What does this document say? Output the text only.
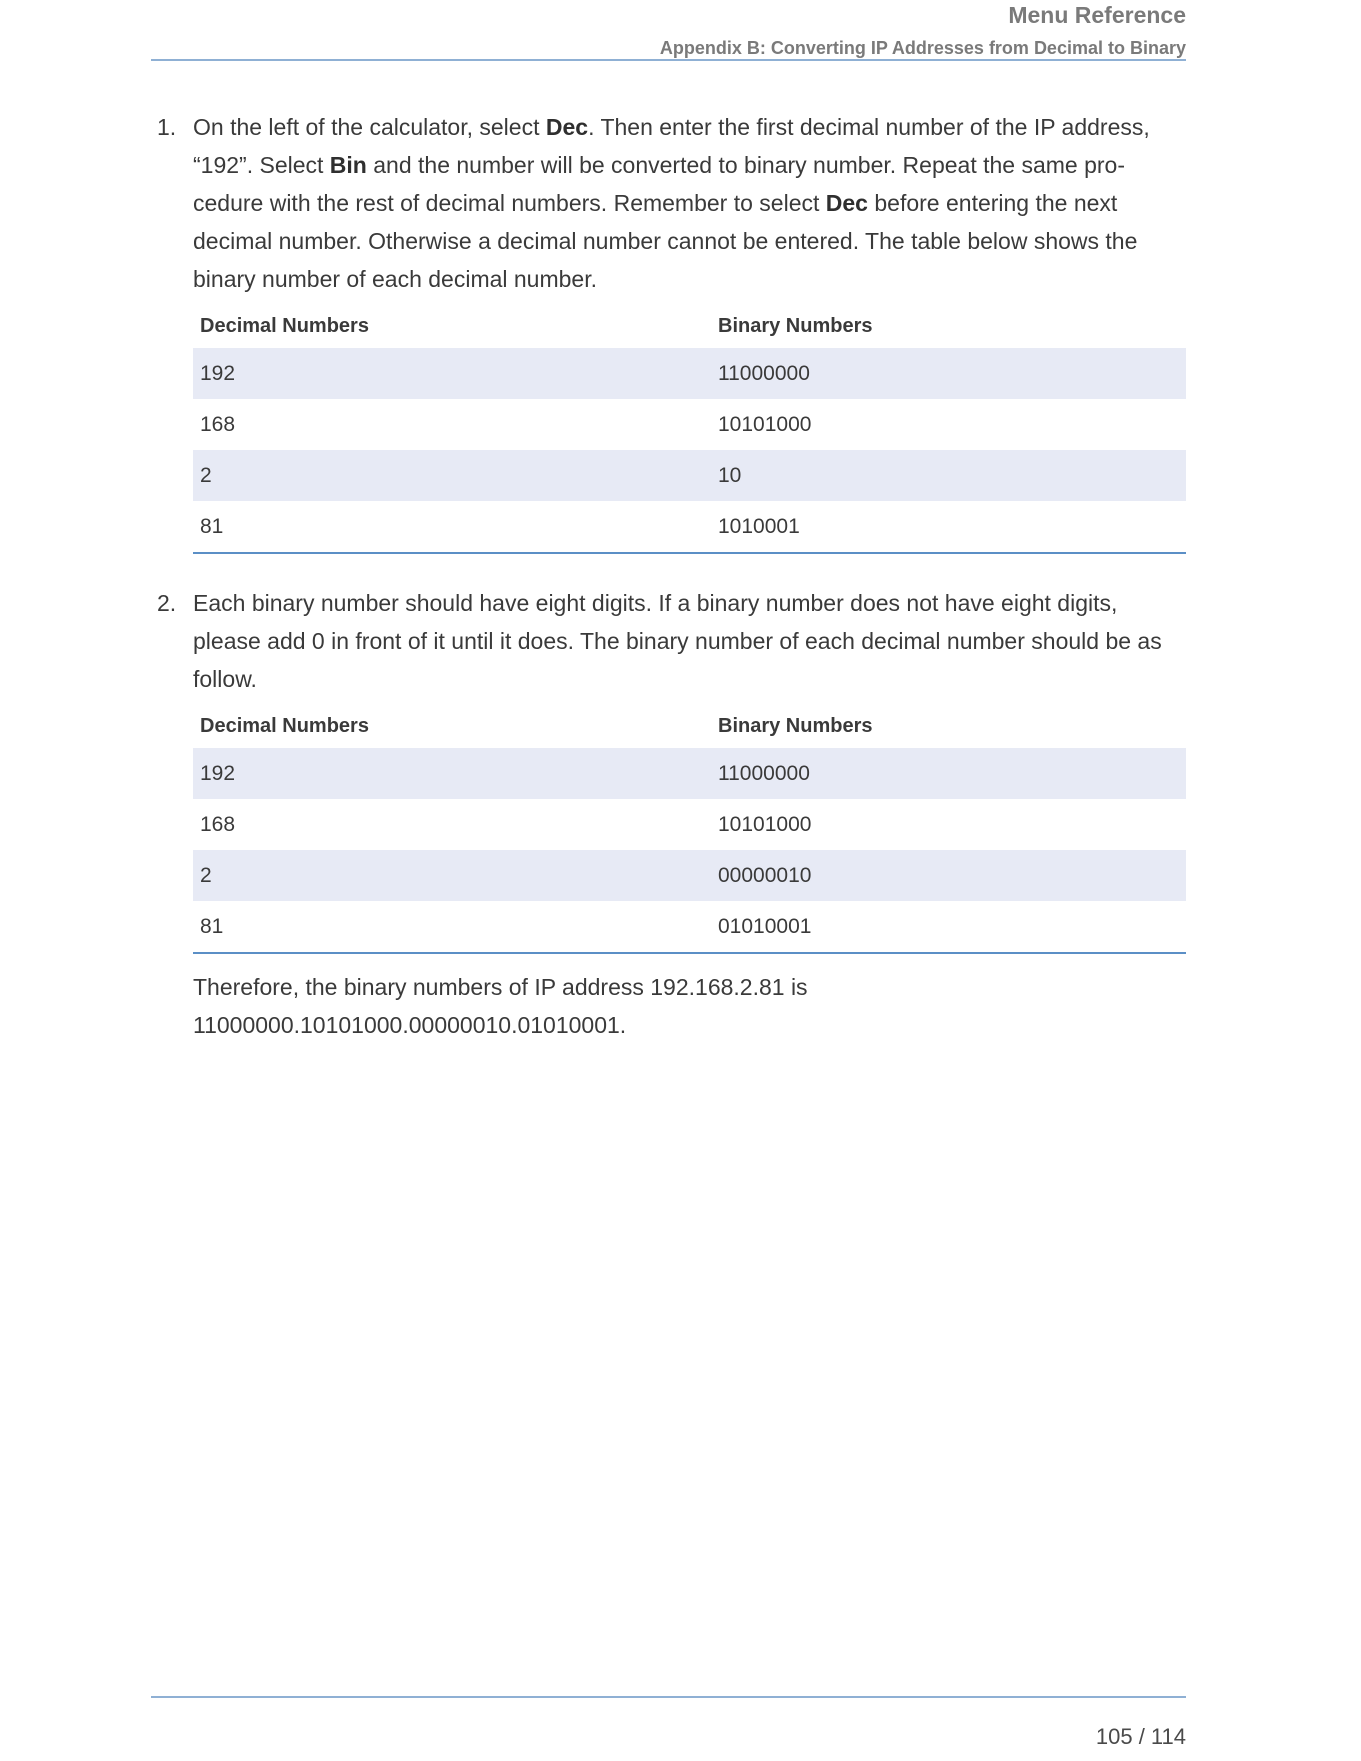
Menu Reference
Appendix B: Converting IP Addresses from Decimal to Binary
1. On the left of the calculator, select Dec. Then enter the first decimal number of the IP address, “192”. Select Bin and the number will be converted to binary number. Repeat the same procedure with the rest of decimal numbers. Remember to select Dec before entering the next decimal number. Otherwise a decimal number cannot be entered. The table below shows the binary number of each decimal number.
Decimal Numbers	Binary Numbers
192	11000000
168	10101000
2	10
81	1010001
2. Each binary number should have eight digits. If a binary number does not have eight digits, please add 0 in front of it until it does. The binary number of each decimal number should be as follow.
Decimal Numbers	Binary Numbers
192	11000000
168	10101000
2	00000010
81	01010001
Therefore, the binary numbers of IP address 192.168.2.81 is
11000000.10101000.00000010.01010001.
105 / 114
